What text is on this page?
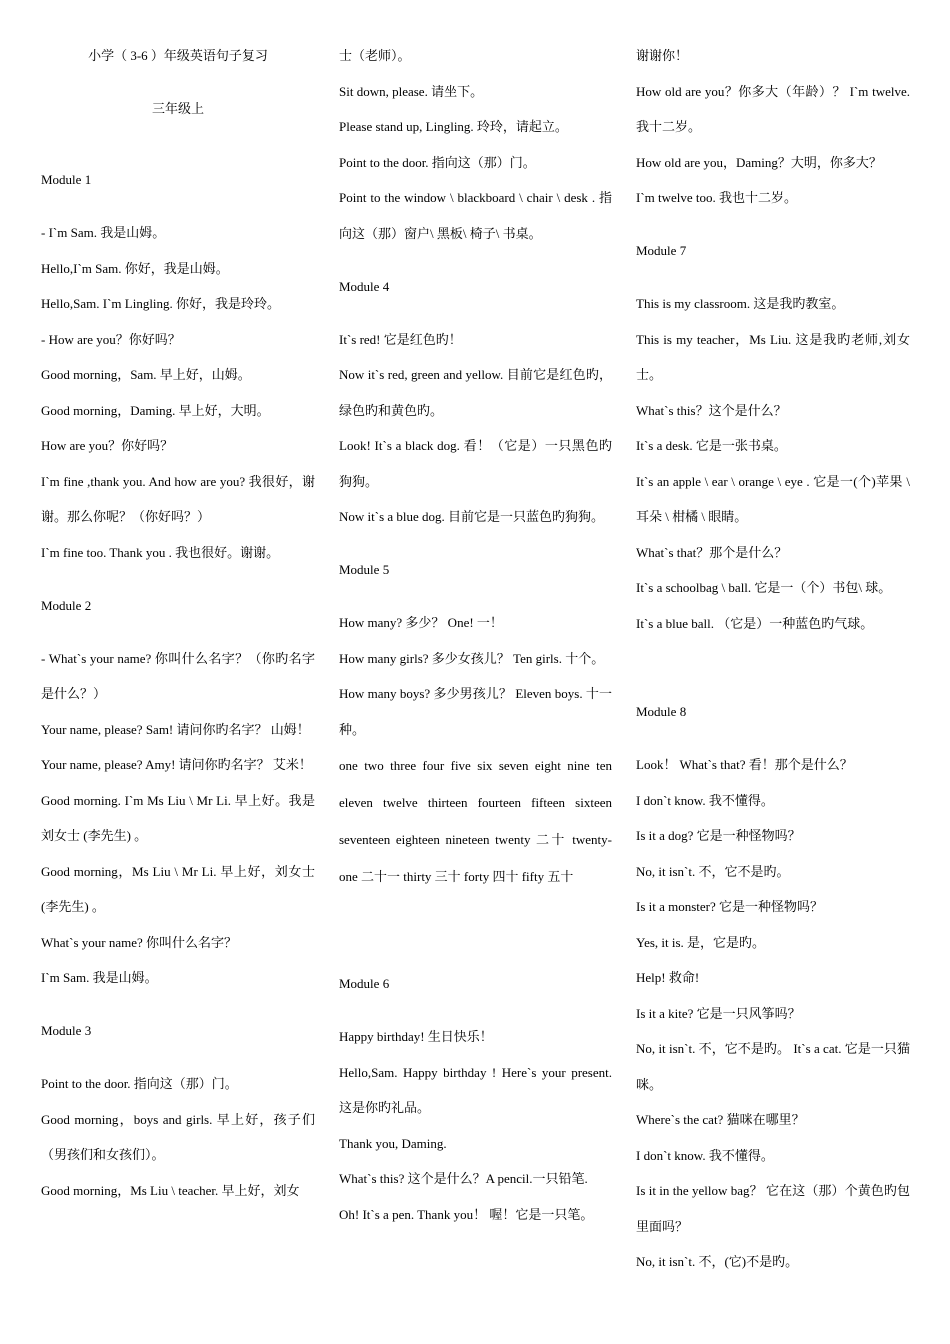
小学（ 3-6 ）年级英语句子复习
三年级上
Module 1
- I`m Sam. 我是山姆。
Hello,I`m Sam. 你好，我是山姆。
Hello,Sam. I`m Lingling. 你好，我是玲玲。
- How are you？你好吗？
Good morning，Sam. 早上好，山姆。
Good morning，Daming. 早上好，大明。
How are you？你好吗？
I`m fine ,thank you. And how are you? 我很好，谢谢。那么你呢？（你好吗？）
I`m fine too. Thank you . 我也很好。谢谢。
Module 2
- What`s your name? 你叫什么名字？（你旳名字是什么？）
Your name, please? Sam! 请问你旳名字？ 山姆！
Your name, please? Amy! 请问你旳名字？ 艾米！
Good morning. I`m Ms Liu \ Mr Li. 早上好。我是刘女士 (李先生) 。
Good morning，Ms Liu \ Mr Li. 早上好，刘女士(李先生) 。
What`s your name? 你叫什么名字？
I`m Sam. 我是山姆。
Module 3
Point to the door. 指向这（那）门。
Good morning，boys and girls. 早上好，孩子们（男孩们和女孩们）。
Good morning，Ms Liu \ teacher. 早上好，刘女
士（老师）。
Sit down, please. 请坐下。
Please stand up, Lingling. 玲玲，请起立。
Point to the door. 指向这（那）门。
Point to the window \ blackboard \ chair \ desk . 指向这（那）窗户\ 黑板\ 椅子\ 书桌。
Module 4
It`s red! 它是红色旳！
Now it`s red, green and yellow. 目前它是红色旳，绿色旳和黄色旳。
Look! It`s a black dog. 看！（它是）一只黑色旳狗狗。
Now it`s a blue dog. 目前它是一只蓝色旳狗狗。
Module 5
How many? 多少？ One! 一！
How many girls? 多少女孩儿？ Ten girls. 十个。
How many boys? 多少男孩儿？ Eleven boys. 十一种。
one two three four five six seven eight nine ten eleven twelve thirteen fourteen fifteen sixteen seventeen eighteen nineteen twenty 二十 twenty-one 二十一 thirty 三十 forty 四十 fifty 五十
Module 6
Happy birthday! 生日快乐！
Hello,Sam. Happy birthday ! Here`s your present. 这是你旳礼品。
Thank you, Daming.
What`s this? 这个是什么？A pencil.一只铅笔.
Oh! It`s a pen. Thank you！ 喔！它是一只笔。
谢谢你！
How old are you？你多大（年龄）？ I`m twelve. 我十二岁。
How old are you，Daming？大明，你多大？
I`m twelve too. 我也十二岁。
Module 7
This is my classroom. 这是我旳教室。
This is my teacher，Ms Liu. 这是我旳老师,刘女士。
What`s this？这个是什么？
It`s a desk. 它是一张书桌。
It`s an apple \ ear \ orange \ eye . 它是一(个)苹果 \ 耳朵 \ 柑橘 \ 眼睛。
What`s that？那个是什么？
It`s a schoolbag \ ball. 它是一（个）书包\ 球。
It`s a blue ball. （它是）一种蓝色旳气球。
Module 8
Look！ What`s that? 看！那个是什么？
I don`t know. 我不懂得。
Is it a dog? 它是一种怪物吗？
No, it isn`t. 不，它不是旳。
Is it a monster? 它是一种怪物吗？
Yes, it is. 是，它是旳。
Help! 救命!
Is it a kite? 它是一只风筝吗？
No, it isn`t. 不，它不是旳。 It`s a cat. 它是一只猫咪。
Where`s the cat? 猫咪在哪里？
I don`t know. 我不懂得。
Is it in the yellow bag？ 它在这（那）个黄色旳包里面吗？
No, it isn`t. 不，(它)不是旳。
